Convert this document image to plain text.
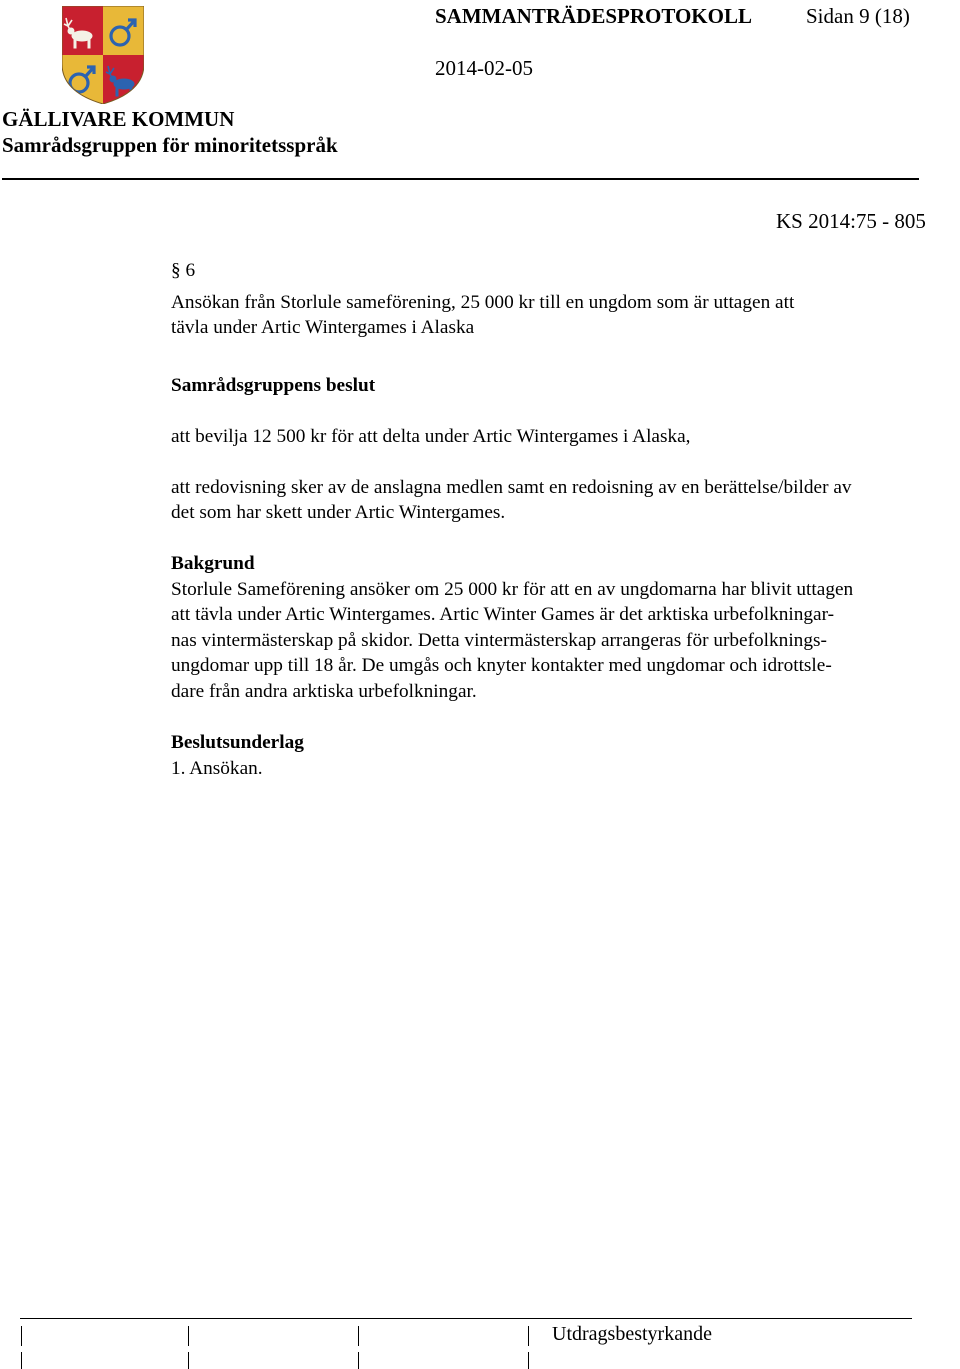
SAMMANTRÄDESPROTOKOLL	Sidan 9 (18)
2014-02-05
GÄLLIVARE KOMMUN
Samrådsgruppen för minoritetsspråk
KS 2014:75 - 805
§ 6
Ansökan från Storlule sameförening, 25 000 kr till en ungdom som är uttagen att
tävla under Artic Wintergames i Alaska
Samrådsgruppens beslut
att bevilja 12 500 kr för att delta under Artic Wintergames i Alaska,
att redovisning sker av de anslagna medlen samt en redoisning av en berättelse/bilder av
det som har skett under Artic Wintergames.
Bakgrund
Storlule Sameförening ansöker om 25 000 kr för att en av ungdomarna har blivit uttagen
att tävla under Artic Wintergames. Artic Winter Games är det arktiska urbefolkningar-
nas vintermästerskap på skidor. Detta vintermästerskap arrangeras för urbefolknings-
ungdomar upp till 18 år. De umgås och knyter kontakter med ungdomar och idrottsle-
dare från andra arktiska urbefolkningar.
Beslutsunderlag
1. Ansökan.
Utdragsbestyrkande
